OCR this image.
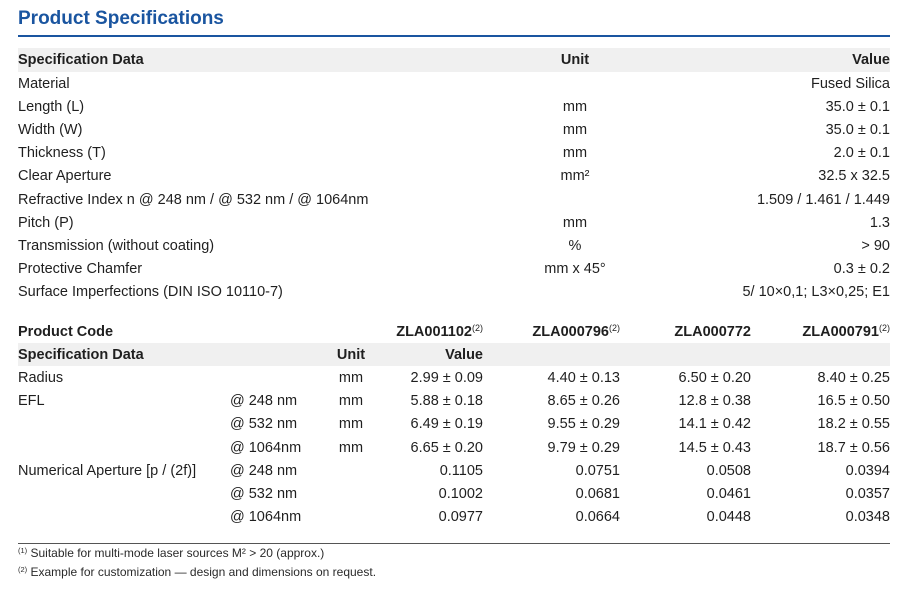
Product Specifications
Specification Data	Unit	Value
Material		Fused Silica
Length (L)	mm	35.0 ± 0.1
Width (W)	mm	35.0 ± 0.1
Thickness (T)	mm	2.0 ± 0.1
Clear Aperture	mm²	32.5 x 32.5
Refractive Index n @ 248 nm / @ 532 nm / @ 1064nm		1.509 / 1.461 / 1.449
Pitch (P)	mm	1.3
Transmission (without coating)	%	> 90
Protective Chamfer	mm x 45°	0.3 ± 0.2
Surface Imperfections (DIN ISO 10110-7)		5/ 10×0,1; L3×0,25; E1
Product Code			ZLA001102$^{(2)}$	ZLA000796$^{(2)}$	ZLA000772	ZLA000791$^{(2)}$
Specification Data		Unit	Value			
Radius		mm	2.99 ± 0.09	4.40 ± 0.13	6.50 ± 0.20	8.40 ± 0.25
EFL	@ 248 nm	mm	5.88 ± 0.18	8.65 ± 0.26	12.8 ± 0.38	16.5 ± 0.50
	@ 532 nm	mm	6.49 ± 0.19	9.55 ± 0.29	14.1 ± 0.42	18.2 ± 0.55
	@ 1064nm	mm	6.65 ± 0.20	9.79 ± 0.29	14.5 ± 0.43	18.7 ± 0.56
Numerical Aperture [p / (2f)]	@ 248 nm		0.1105	0.0751	0.0508	0.0394
	@ 532 nm		0.1002	0.0681	0.0461	0.0357
	@ 1064nm		0.0977	0.0664	0.0448	0.0348
$^{(1)}$ Suitable for multi-mode laser sources M² > 20 (approx.)
$^{(2)}$ Example for customization — design and dimensions on request.
